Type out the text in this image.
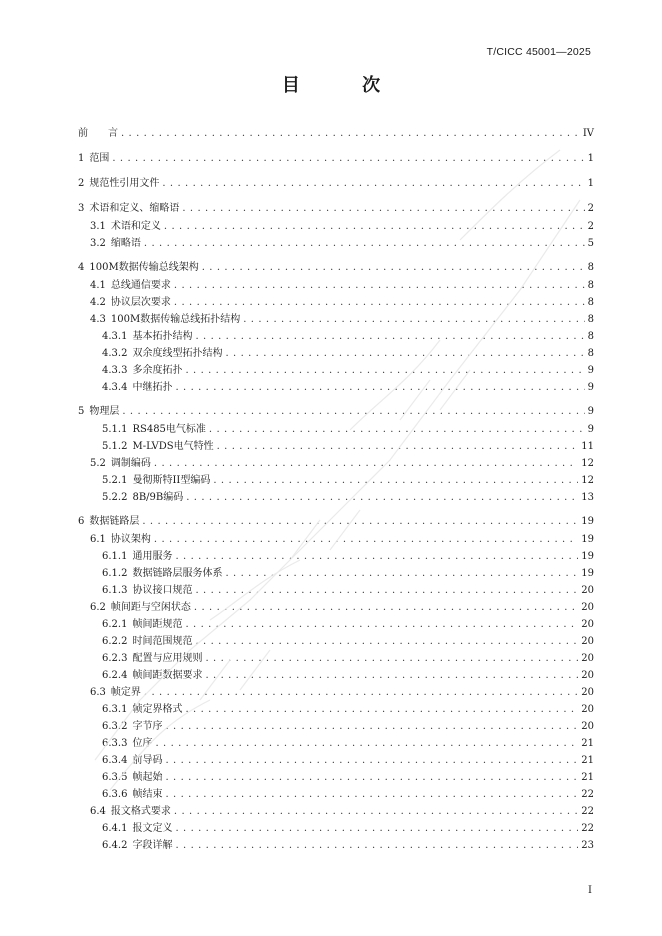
T/CICC 45001—2025
目 次
前　　言 . . .	IV
1 范围 . . .	1
2 规范性引用文件 . . .	1
3 术语和定义、缩略语 . . .	2
3.1 术语和定义 . . .	2
3.2 缩略语 . . .	5
4 100M数据传输总线架构 . . .	8
4.1 总线通信要求 . . .	8
4.2 协议层次要求 . . .	8
4.3 100M数据传输总线拓扑结构 . . .	8
4.3.1 基本拓扑结构 . . .	8
4.3.2 双余度线型拓扑结构 . . .	8
4.3.3 多余度拓扑 . . .	9
4.3.4 中继拓扑 . . .	9
5 物理层 . . .	9
5.1.1 RS485电气标准 . . .	9
5.1.2 M-LVDS电气特性 . . .	11
5.2 调制编码 . . .	12
5.2.1 曼彻斯特II型编码 . . .	12
5.2.2 8B/9B编码 . . .	13
6 数据链路层 . . .	19
6.1 协议架构 . . .	19
6.1.1 通用服务 . . .	19
6.1.2 数据链路层服务体系 . . .	19
6.1.3 协议接口规范 . . .	20
6.2 帧间距与空闲状态 . . .	20
6.2.1 帧间距规范 . . .	20
6.2.2 时间范围规范 . . .	20
6.2.3 配置与应用规则 . . .	20
6.2.4 帧间距数据要求 . . .	20
6.3 帧定界 . . .	20
6.3.1 帧定界格式 . . .	20
6.3.2 字节序 . . .	20
6.3.3 位序 . . .	21
6.3.4 前导码 . . .	21
6.3.5 帧起始 . . .	21
6.3.6 帧结束 . . .	22
6.4 报文格式要求 . . .	22
6.4.1 报文定义 . . .	22
6.4.2 字段详解 . . .	23
I
